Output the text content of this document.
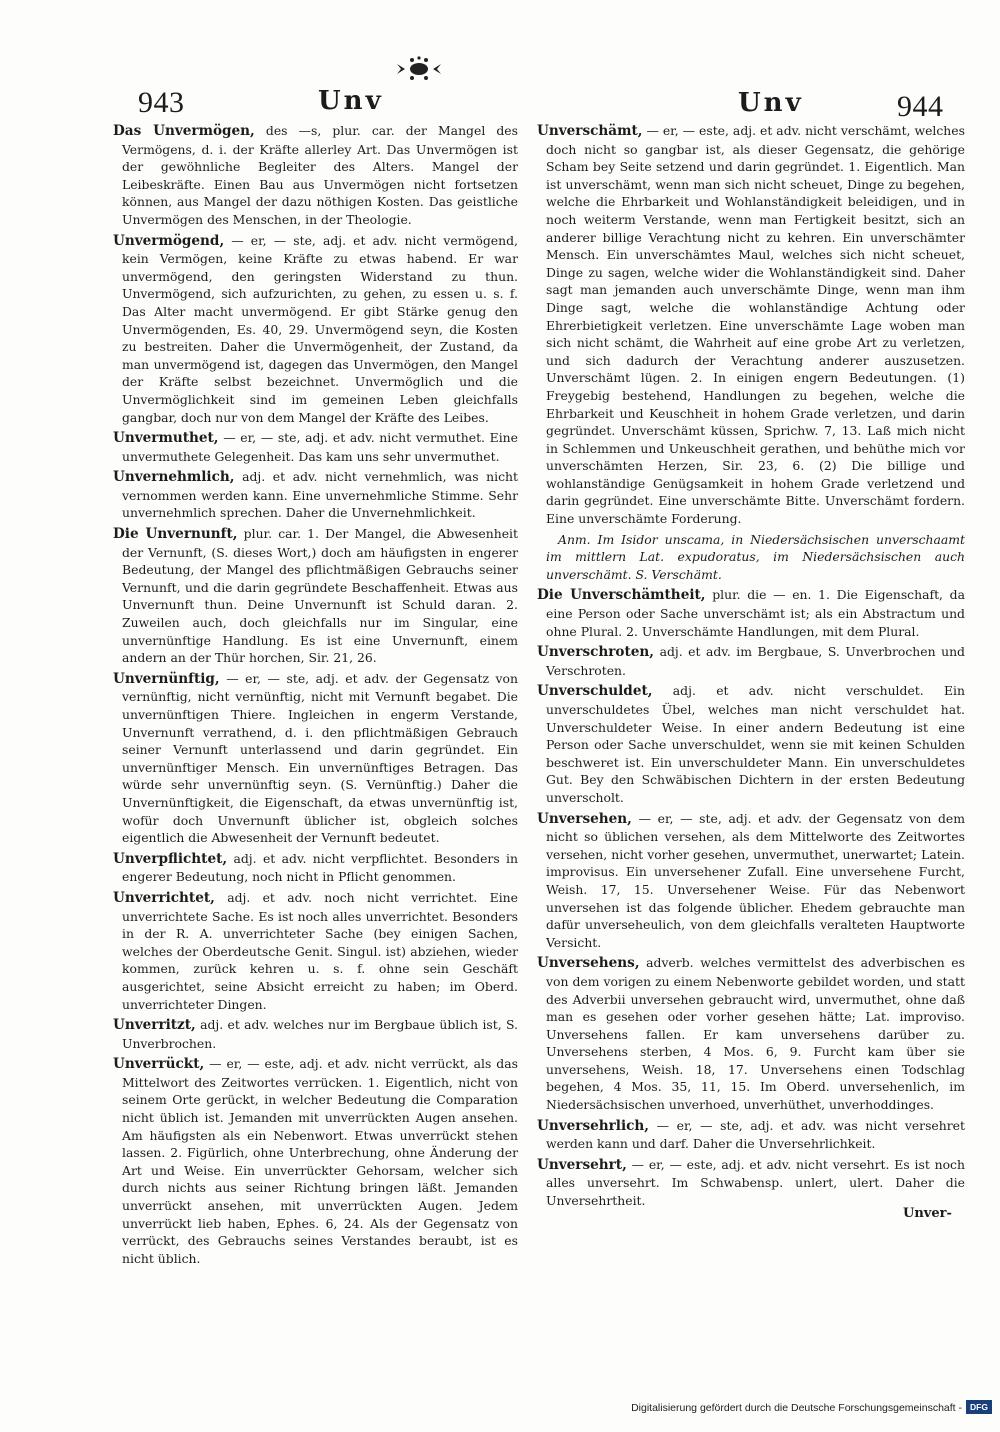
943	Unv	Unv	944

Das Unvermögen, des —s, plur. car. der Mangel des Vermögens, d. i. der Kräfte allerley Art. Das Unvermögen ist der gewöhnliche Begleiter des Alters. Mangel der Leibeskräfte. Einen Bau aus Unvermögen nicht fortsetzen können, aus Mangel der dazu nöthigen Kosten. Das geistliche Unvermögen des Menschen, in der Theologie.

Unvermögend, — er, — ste, adj. et adv. nicht vermögend, kein Vermögen, keine Kräfte zu etwas habend. Er war unvermögend, den geringsten Widerstand zu thun. Unvermögend, sich aufzurichten, zu gehen, zu essen u. s. f. Das Alter macht unvermögend. Er gibt Stärke genug den Unvermögenden, Es. 40, 29. Unvermögend seyn, die Kosten zu bestreiten. Daher die Unvermögenheit, der Zustand, da man unvermögend ist, dagegen das Unvermögen, den Mangel der Kräfte selbst bezeichnet. Unvermöglich und die Unvermöglichkeit sind im gemeinen Leben gleichfalls gangbar, doch nur von dem Mangel der Kräfte des Leibes.

Unvermuthet, — er, — ste, adj. et adv. nicht vermuthet. Eine unvermuthete Gelegenheit. Das kam uns sehr unvermuthet.

Unvernehmlich, adj. et adv. nicht vernehmlich, was nicht vernommen werden kann. Eine unvernehmliche Stimme. Sehr unvernehmlich sprechen. Daher die Unvernehmlichkeit.

Die Unvernunft, plur. car. 1. Der Mangel, die Abwesenheit der Vernunft, (S. dieses Wort,) doch am häufigsten in engerer Bedeutung, der Mangel des pflichtmäßigen Gebrauchs seiner Vernunft, und die darin gegründete Beschaffenheit. Etwas aus Unvernunft thun. Deine Unvernunft ist Schuld daran. 2. Zuweilen auch, doch gleichfalls nur im Singular, eine unvernünftige Handlung. Es ist eine Unvernunft, einem andern an der Thür horchen, Sir. 21, 26.

Unvernünftig, — er, — ste, adj. et adv. der Gegensatz von vernünftig, nicht vernünftig, nicht mit Vernunft begabet. Die unvernünftigen Thiere. Ingleichen in engerm Verstande, Unvernunft verrathend, d. i. den pflichtmäßigen Gebrauch seiner Vernunft unterlassend und darin gegründet. Ein unvernünftiger Mensch. Ein unvernünftiges Betragen. Das würde sehr unvernünftig seyn. (S. Vernünftig.) Daher die Unvernünftigkeit, die Eigenschaft, da etwas unvernünftig ist, wofür doch Unvernunft üblicher ist, obgleich solches eigentlich die Abwesenheit der Vernunft bedeutet.

Unverpflichtet, adj. et adv. nicht verpflichtet. Besonders in engerer Bedeutung, noch nicht in Pflicht genommen.

Unverrichtet, adj. et adv. noch nicht verrichtet. Eine unverrichtete Sache. Es ist noch alles unverrichtet. Besonders in der R. A. unverrichteter Sache (bey einigen Sachen, welches der Oberdeutsche Genit. Singul. ist) abziehen, wieder kommen, zurück kehren u. s. f. ohne sein Geschäft ausgerichtet, seine Absicht erreicht zu haben; im Oberd. unverrichteter Dingen.

Unverritzt, adj. et adv. welches nur im Bergbaue üblich ist, S. Unverbrochen.

Unverrückt, — er, — este, adj. et adv. nicht verrückt, als das Mittelwort des Zeitwortes verrücken. 1. Eigentlich, nicht von seinem Orte gerückt, in welcher Bedeutung die Comparation nicht üblich ist. Jemanden mit unverrückten Augen ansehen. Am häufigsten als ein Nebenwort. Etwas unverrückt stehen lassen. 2. Figürlich, ohne Unterbrechung, ohne Änderung der Art und Weise. Ein unverrückter Gehorsam, welcher sich durch nichts aus seiner Richtung bringen läßt. Jemanden unverrückt ansehen, mit unverrückten Augen. Jedem unverrückt lieb haben, Ephes. 6, 24. Als der Gegensatz von verrückt, des Gebrauchs seines Verstandes beraubt, ist es nicht üblich.

Unverschämt, — er, — este, adj. et adv. nicht verschämt, welches doch nicht so gangbar ist, als dieser Gegensatz, die gehörige Scham bey Seite setzend und darin gegründet. 1. Eigentlich. Man ist unverschämt, wenn man sich nicht scheuet, Dinge zu begehen, welche die Ehrbarkeit und Wohlanständigkeit beleidigen, und in noch weiterm Verstande, wenn man Fertigkeit besitzt, sich an anderer billige Verachtung nicht zu kehren. Ein unverschämter Mensch. Ein unverschämtes Maul, welches sich nicht scheuet, Dinge zu sagen, welche wider die Wohlanständigkeit sind. Daher sagt man jemanden auch unverschämte Dinge, wenn man ihm Dinge sagt, welche die wohlanständige Achtung oder Ehrerbietigkeit verletzen. Eine unverschämte Lage woben man sich nicht schämt, die Wahrheit auf eine grobe Art zu verletzen, und sich dadurch der Verachtung anderer auszusetzen. Unverschämt lügen. 2. In einigen engern Bedeutungen. (1) Freygebig bestehend, Handlungen zu begehen, welche die Ehrbarkeit und Keuschheit in hohem Grade verletzen, und darin gegründet. Unverschämt küssen, Sprichw. 7, 13. Laß mich nicht in Schlemmen und Unkeuschheit gerathen, und behüthe mich vor unverschämten Herzen, Sir. 23, 6. (2) Die billige und wohlanständige Genügsamkeit in hohem Grade verletzend und darin gegründet. Eine unverschämte Bitte. Unverschämt fordern. Eine unverschämte Forderung.

Anm. Im Isidor unscama, in Niedersächsischen unverschaamt im mittlern Lat. expudoratus, im Niedersächsischen auch unverschämt. S. Verschämt.

Die Unverschämtheit, plur. die — en. 1. Die Eigenschaft, da eine Person oder Sache unverschämt ist; als ein Abstractum und ohne Plural. 2. Unverschämte Handlungen, mit dem Plural.

Unverschroten, adj. et adv. im Bergbaue, S. Unverbrochen und Verschroten.

Unverschuldet, adj. et adv. nicht verschuldet. Ein unverschuldetes Übel, welches man nicht verschuldet hat. Unverschuldeter Weise. In einer andern Bedeutung ist eine Person oder Sache unverschuldet, wenn sie mit keinen Schulden beschweret ist. Ein unverschuldeter Mann. Ein unverschuldetes Gut. Bey den Schwäbischen Dichtern in der ersten Bedeutung unverscholt.

Unversehen, — er, — ste, adj. et adv. der Gegensatz von dem nicht so üblichen versehen, als dem Mittelworte des Zeitwortes versehen, nicht vorher gesehen, unvermuthet, unerwartet; Latein. improvisus. Ein unversehener Zufall. Eine unversehene Furcht, Weish. 17, 15. Unversehener Weise. Für das Nebenwort unversehen ist das folgende üblicher. Ehedem gebrauchte man dafür unverseheulich, von dem gleichfalls veralteten Hauptworte Versicht.

Unversehens, adverb. welches vermittelst des adverbischen es von dem vorigen zu einem Nebenworte gebildet worden, und statt des Adverbii unversehen gebraucht wird, unvermuthet, ohne daß man es gesehen oder vorher gesehen hätte; Lat. improviso. Unversehens fallen. Er kam unversehens darüber zu. Unversehens sterben, 4 Mos. 6, 9. Furcht kam über sie unversehens, Weish. 18, 17. Unversehens einen Todschlag begehen, 4 Mos. 35, 11, 15. Im Oberd. unversehenlich, im Niedersächsischen unverhoed, unverhüthet, unverhoddinges.

Unversehrlich, — er, — ste, adj. et adv. was nicht versehret werden kann und darf. Daher die Unversehrlichkeit.

Unversehrt, — er, — este, adj. et adv. nicht versehrt. Es ist noch alles unversehrt. Im Schwabensp. unlert, ulert. Daher die Unversehrtheit.

Unver-
Digitalisierung gefördert durch die Deutsche Forschungsgemeinschaft - DFG
